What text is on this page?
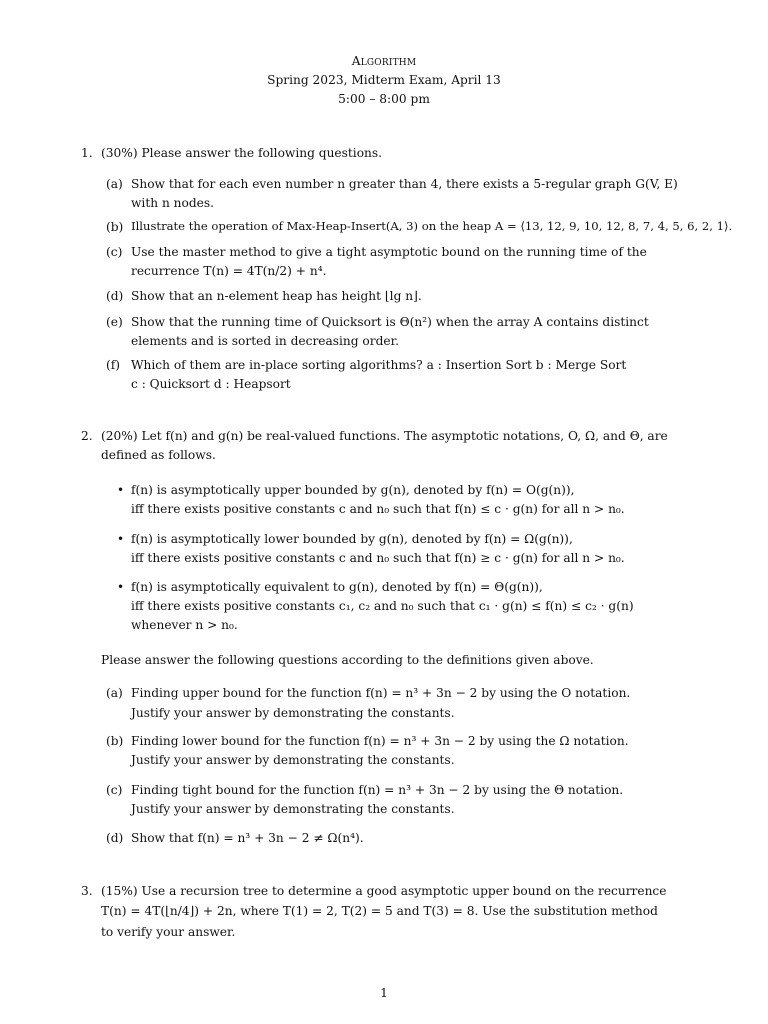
Algorithm
Spring 2023, Midterm Exam, April 13
5:00 – 8:00 pm
1. (30%) Please answer the following questions.
(a) Show that for each even number n greater than 4, there exists a 5-regular graph G(V, E)
with n nodes.
(b) Illustrate the operation of Max-Heap-Insert(A, 3) on the heap A = ⟨13, 12, 9, 10, 12, 8, 7, 4, 5, 6, 2, 1⟩.
(c) Use the master method to give a tight asymptotic bound on the running time of the
recurrence T(n) = 4T(n/2) + n⁴.
(d) Show that an n-element heap has height ⌊lg n⌋.
(e) Show that the running time of Quicksort is Θ(n²) when the array A contains distinct
elements and is sorted in decreasing order.
(f) Which of them are in-place sorting algorithms? a : Insertion Sort b : Merge Sort
c : Quicksort d : Heapsort
2. (20%) Let f(n) and g(n) be real-valued functions. The asymptotic notations, O, Ω, and Θ, are
defined as follows.
• f(n) is asymptotically upper bounded by g(n), denoted by f(n) = O(g(n)),
iff there exists positive constants c and n₀ such that f(n) ≤ c · g(n) for all n > n₀.
• f(n) is asymptotically lower bounded by g(n), denoted by f(n) = Ω(g(n)),
iff there exists positive constants c and n₀ such that f(n) ≥ c · g(n) for all n > n₀.
• f(n) is asymptotically equivalent to g(n), denoted by f(n) = Θ(g(n)),
iff there exists positive constants c₁, c₂ and n₀ such that c₁ · g(n) ≤ f(n) ≤ c₂ · g(n)
whenever n > n₀.
Please answer the following questions according to the definitions given above.
(a) Finding upper bound for the function f(n) = n³ + 3n − 2 by using the O notation.
Justify your answer by demonstrating the constants.
(b) Finding lower bound for the function f(n) = n³ + 3n − 2 by using the Ω notation.
Justify your answer by demonstrating the constants.
(c) Finding tight bound for the function f(n) = n³ + 3n − 2 by using the Θ notation.
Justify your answer by demonstrating the constants.
(d) Show that f(n) = n³ + 3n − 2 ≠ Ω(n⁴).
3. (15%) Use a recursion tree to determine a good asymptotic upper bound on the recurrence
T(n) = 4T(⌊n/4⌋) + 2n, where T(1) = 2, T(2) = 5 and T(3) = 8. Use the substitution method
to verify your answer.
1
